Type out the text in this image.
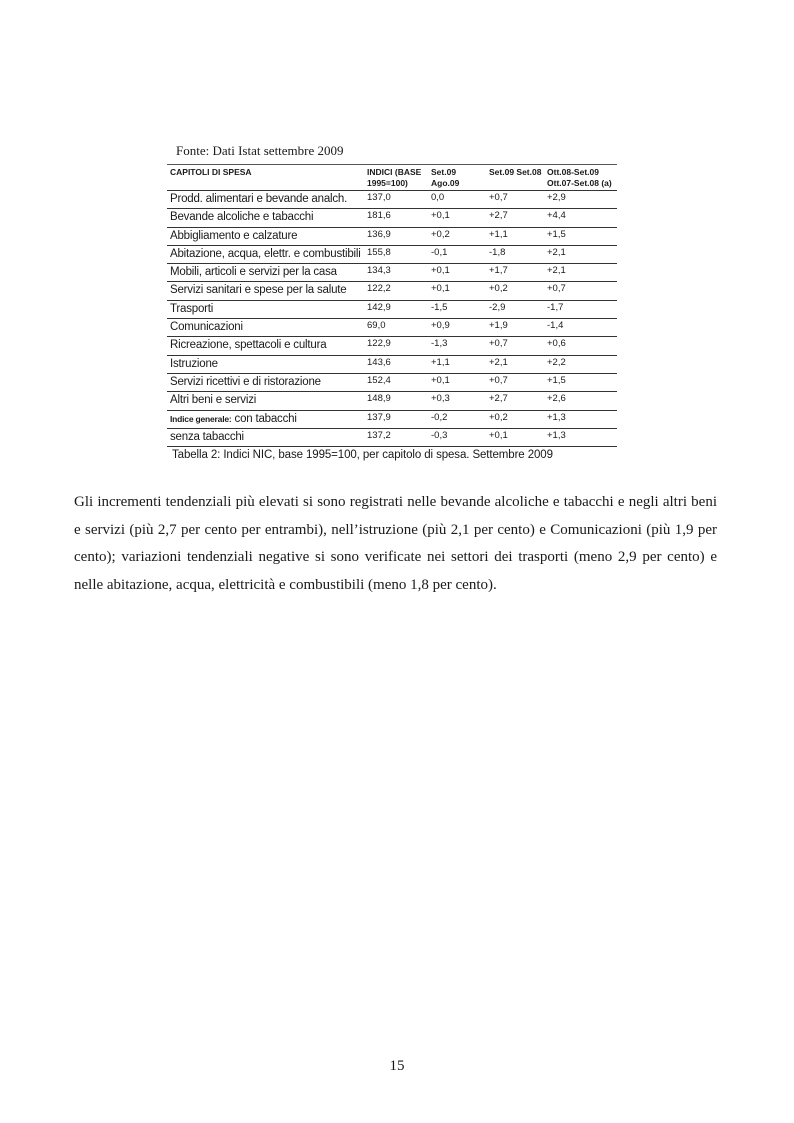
Fonte: Dati Istat settembre 2009
CAPITOLI DI SPESA	INDICI (BASE 1995=100)	Set.09 Ago.09	Set.09 Set.08	Ott.08-Set.09 Ott.07-Set.08 (a)
Prodd. alimentari e bevande analch.	137,0	0,0	+0,7	+2,9
Bevande alcoliche e tabacchi	181,6	+0,1	+2,7	+4,4
Abbigliamento e calzature	136,9	+0,2	+1,1	+1,5
Abitazione, acqua, elettr. e combustibili	155,8	-0,1	-1,8	+2,1
Mobili, articoli e servizi per la casa	134,3	+0,1	+1,7	+2,1
Servizi sanitari e spese per la salute	122,2	+0,1	+0,2	+0,7
Trasporti	142,9	-1,5	-2,9	-1,7
Comunicazioni	69,0	+0,9	+1,9	-1,4
Ricreazione, spettacoli e cultura	122,9	-1,3	+0,7	+0,6
Istruzione	143,6	+1,1	+2,1	+2,2
Servizi ricettivi e di ristorazione	152,4	+0,1	+0,7	+1,5
Altri beni e servizi	148,9	+0,3	+2,7	+2,6
Indice generale: con tabacchi	137,9	-0,2	+0,2	+1,3
senza tabacchi	137,2	-0,3	+0,1	+1,3
Tabella 2: Indici NIC, base 1995=100, per capitolo di spesa. Settembre 2009
Gli incrementi tendenziali più elevati si sono registrati nelle bevande alcoliche e tabacchi e negli altri beni e servizi (più 2,7 per cento per entrambi), nell’istruzione (più 2,1 per cento) e Comunicazioni (più 1,9 per cento); variazioni tendenziali negative si sono verificate nei settori dei trasporti (meno 2,9 per cento) e nelle abitazione, acqua, elettricità e combustibili (meno 1,8 per cento).
15
